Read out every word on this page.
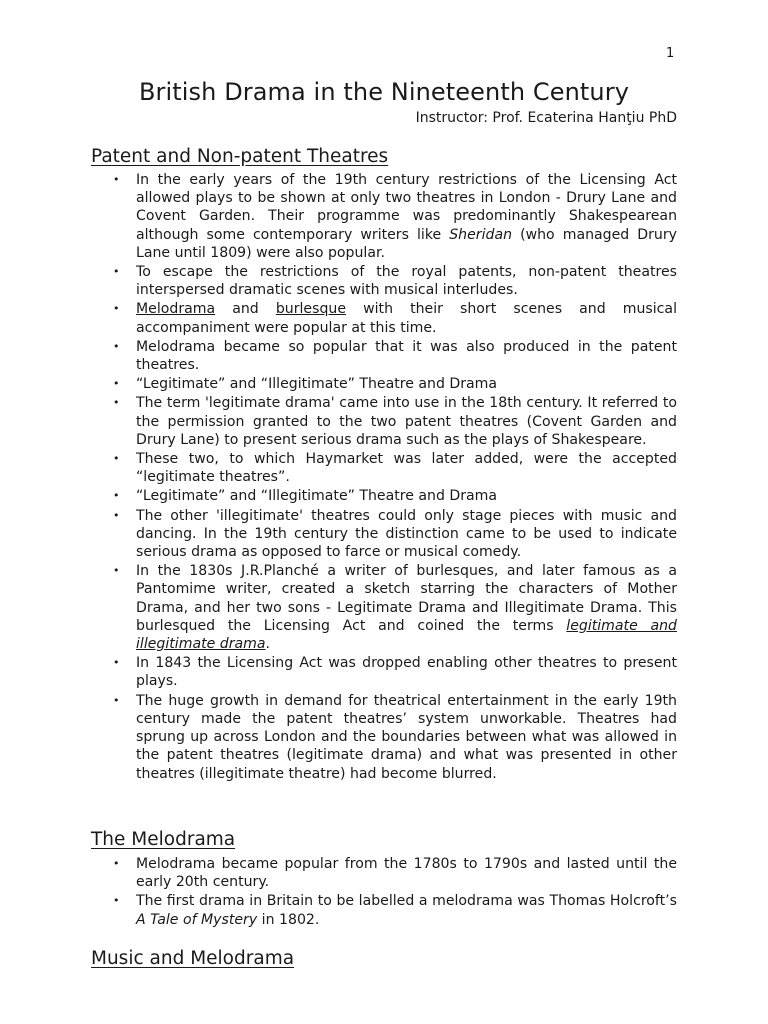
1
British Drama in the Nineteenth Century
Instructor: Prof. Ecaterina Hanţiu PhD
Patent and Non-patent Theatres
• In the early years of the 19th century restrictions of the Licensing Act allowed plays to be shown at only two theatres in London - Drury Lane and Covent Garden. Their programme was predominantly Shakespearean although some contemporary writers like Sheridan (who managed Drury Lane until 1809) were also popular.
• To escape the restrictions of the royal patents, non-patent theatres interspersed dramatic scenes with musical interludes.
• Melodrama and burlesque with their short scenes and musical accompaniment were popular at this time.
• Melodrama became so popular that it was also produced in the patent theatres.
• “Legitimate” and “Illegitimate” Theatre and Drama
• The term 'legitimate drama' came into use in the 18th century. It referred to the permission granted to the two patent theatres (Covent Garden and Drury Lane) to present serious drama such as the plays of Shakespeare.
• These two, to which Haymarket was later added, were the accepted “legitimate theatres”.
• “Legitimate” and “Illegitimate” Theatre and Drama
• The other 'illegitimate' theatres could only stage pieces with music and dancing. In the 19th century the distinction came to be used to indicate serious drama as opposed to farce or musical comedy.
• In the 1830s J.R.Planché a writer of burlesques, and later famous as a Pantomime writer, created a sketch starring the characters of Mother Drama, and her two sons - Legitimate Drama and Illegitimate Drama. This burlesqued the Licensing Act and coined the terms legitimate and illegitimate drama.
• In 1843 the Licensing Act was dropped enabling other theatres to present plays.
• The huge growth in demand for theatrical entertainment in the early 19th century made the patent theatres’ system unworkable. Theatres had sprung up across London and the boundaries between what was allowed in the patent theatres (legitimate drama) and what was presented in other theatres (illegitimate theatre) had become blurred.
The Melodrama
• Melodrama became popular from the 1780s to 1790s and lasted until the early 20th century.
• The first drama in Britain to be labelled a melodrama was Thomas Holcroft’s A Tale of Mystery in 1802.
Music and Melodrama
